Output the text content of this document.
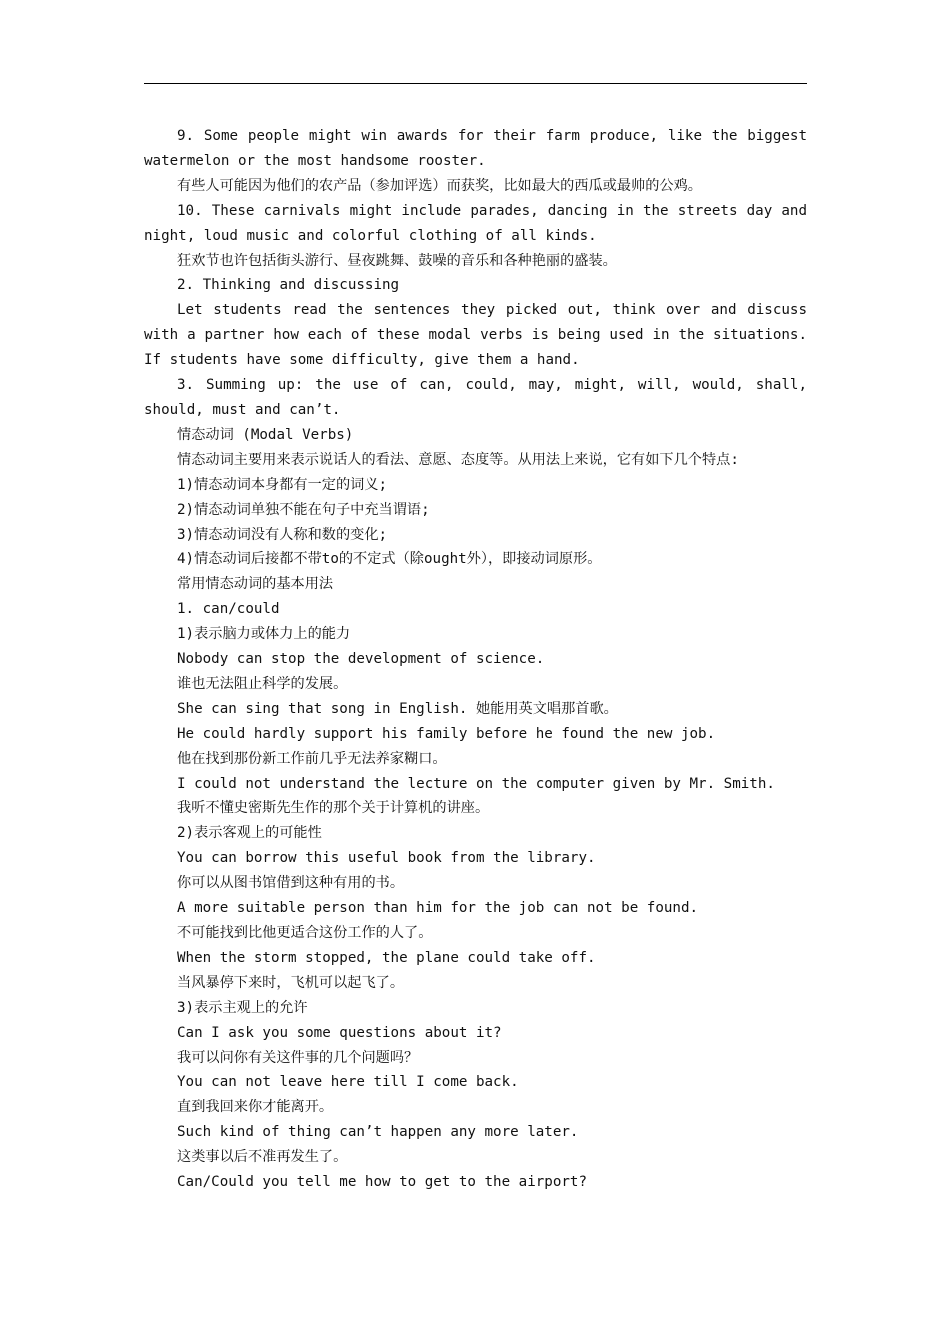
9. Some people might win awards for their farm produce, like the biggest watermelon or the most handsome rooster.

有些人可能因为他们的农产品（参加评选）而获奖，比如最大的西瓜或最帅的公鸡。

10. These carnivals might include parades, dancing in the streets day and night, loud music and colorful clothing of all kinds.

狂欢节也许包括街头游行、昼夜跳舞、鼓噪的音乐和各种艳丽的盛装。

2. Thinking and discussing

Let students read the sentences they picked out, think over and discuss with a partner how each of these modal verbs is being used in the situations. If students have some difficulty, give them a hand.

3. Summing up: the use of can, could, may, might, will, would, shall, should, must and can’t.

情态动词 (Modal Verbs)

情态动词主要用来表示说话人的看法、意愿、态度等。从用法上来说，它有如下几个特点:

1)情态动词本身都有一定的词义;

2)情态动词单独不能在句子中充当谓语;

3)情态动词没有人称和数的变化;

4)情态动词后接都不带to的不定式（除ought外），即接动词原形。

常用情态动词的基本用法

1. can/could

1)表示脑力或体力上的能力

Nobody can stop the development of science.

谁也无法阻止科学的发展。

She can sing that song in English. 她能用英文唱那首歌。

He could hardly support his family before he found the new job.

他在找到那份新工作前几乎无法养家糊口。

I could not understand the lecture on the computer given by Mr. Smith.

我听不懂史密斯先生作的那个关于计算机的讲座。

2)表示客观上的可能性

You can borrow this useful book from the library.

你可以从图书馆借到这种有用的书。

A more suitable person than him for the job can not be found.

不可能找到比他更适合这份工作的人了。

When the storm stopped, the plane could take off.

当风暴停下来时，飞机可以起飞了。

3)表示主观上的允许

Can I ask you some questions about it?

我可以问你有关这件事的几个问题吗？

You can not leave here till I come back.

直到我回来你才能离开。

Such kind of thing can’t happen any more later.

这类事以后不准再发生了。

Can/Could you tell me how to get to the airport?
